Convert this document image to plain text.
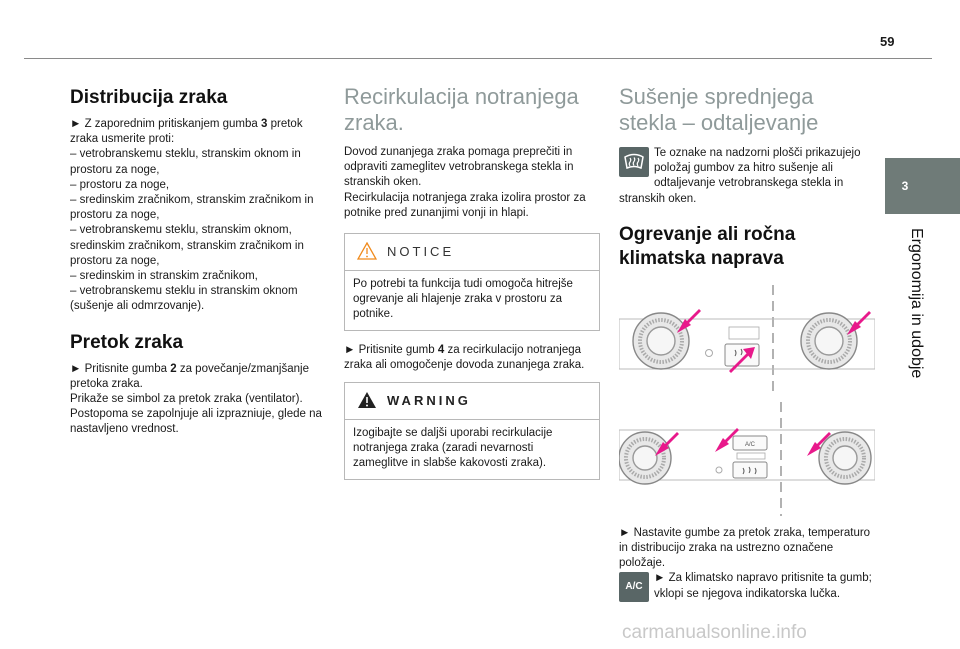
59
3
Ergonomija in udobje
Distribucija zraka

► Z zaporednim pritiskanjem gumba 3 pretok zraka usmerite proti:

– vetrobranskemu steklu, stranskim oknom in prostoru za noge,

– prostoru za noge,

– sredinskim zračnikom, stranskim zračnikom in prostoru za noge,

– vetrobranskemu steklu, stranskim oknom, sredinskim zračnikom, stranskim zračnikom in prostoru za noge,

– sredinskim in stranskim zračnikom,

– vetrobranskemu steklu in stranskim oknom (sušenje ali odmrzovanje).

Pretok zraka

► Pritisnite gumba 2 za povečanje/zmanjšanje pretoka zraka.

Prikaže se simbol za pretok zraka (ventilator).

Postopoma se zapolnjuje ali izprazniuje, glede na nastavljeno vrednost.

Recirkulacija notranjega zraka.

Dovod zunanjega zraka pomaga preprečiti in odpraviti zameglitev vetrobranskega stekla in stranskih oken.

Recirkulacija notranjega zraka izolira prostor za potnike pred zunanjimi vonji in hlapi.

NOTICE
Po potrebi ta funkcija tudi omogoča hitrejše ogrevanje ali hlajenje zraka v prostoru za potnike.

► Pritisnite gumb 4 za recirkulacijo notranjega zraka ali omogočenje dovoda zunanjega zraka.

WARNING
Izogibajte se daljši uporabi recirkulacije notranjega zraka (zaradi nevarnosti zameglitve in slabše kakovosti zraka).
Sušenje sprednjega stekla – odtaljevanje

Te oznake na nadzorni plošči prikazujejo položaj gumbov za hitro sušenje ali odtaljevanje vetrobranskega stekla in stranskih oken.

Ogrevanje ali ročna klimatska naprava
A/C

► Nastavite gumbe za pretok zraka, temperaturo in distribucijo zraka na ustrezno označene položaje.

A/C

► Za klimatsko napravo pritisnite ta gumb; vklopi se njegova indikatorska lučka.

carmanualsonline.info
